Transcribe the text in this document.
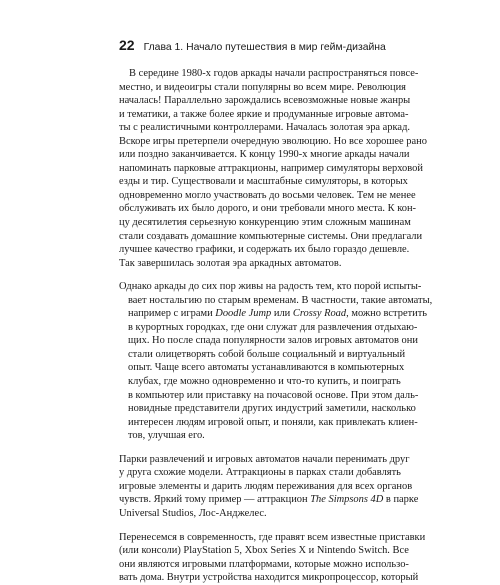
22 Глава 1. Начало путешествия в мир гейм-дизайна
В середине 1980-х годов аркады начали распространяться повсе-
местно, и видеоигры стали популярны во всем мире. Революция
началась! Параллельно зарождались всевозможные новые жанры
и тематики, а также более яркие и продуманные игровые автома-
ты с реалистичными контроллерами. Началась золотая эра аркад.
Вскоре игры претерпели очередную эволюцию. Но все хорошее рано
или поздно заканчивается. К концу 1990-х многие аркады начали
напоминать парковые аттракционы, например симуляторы верховой
езды и тир. Существовали и масштабные симуляторы, в которых
одновременно могло участвовать до восьми человек. Тем не менее
обслуживать их было дорого, и они требовали много места. К кон-
цу десятилетия серьезную конкуренцию этим сложным машинам
стали создавать домашние компьютерные системы. Они предлагали
лучшее качество графики, и содержать их было гораздо дешевле.
Так завершилась золотая эра аркадных автоматов.
Однако аркады до сих пор живы на радость тем, кто порой испыты-
вает ностальгию по старым временам. В частности, такие автоматы,
например с играми Doodle Jump или Crossy Road, можно встретить
в курортных городках, где они служат для развлечения отдыхаю-
щих. Но после спада популярности залов игровых автоматов они
стали олицетворять собой больше социальный и виртуальный
опыт. Чаще всего автоматы устанавливаются в компьютерных
клубах, где можно одновременно и что-то купить, и поиграть
в компьютер или приставку на почасовой основе. При этом даль-
новидные представители других индустрий заметили, насколько
интересен людям игровой опыт, и поняли, как привлекать клиен-
тов, улучшая его.
Парки развлечений и игровых автоматов начали перенимать друг
у друга схожие модели. Аттракционы в парках стали добавлять
игровые элементы и дарить людям переживания для всех органов
чувств. Яркий тому пример — аттракцион The Simpsons 4D в парке
Universal Studios, Лос-Анджелес.
Перенесемся в современность, где правят всем известные приставки
(или консоли) PlayStation 5, Xbox Series X и Nintendo Switch. Все
они являются игровыми платформами, которые можно использо-
вать дома. Внутри устройства находится микропроцессор, который
